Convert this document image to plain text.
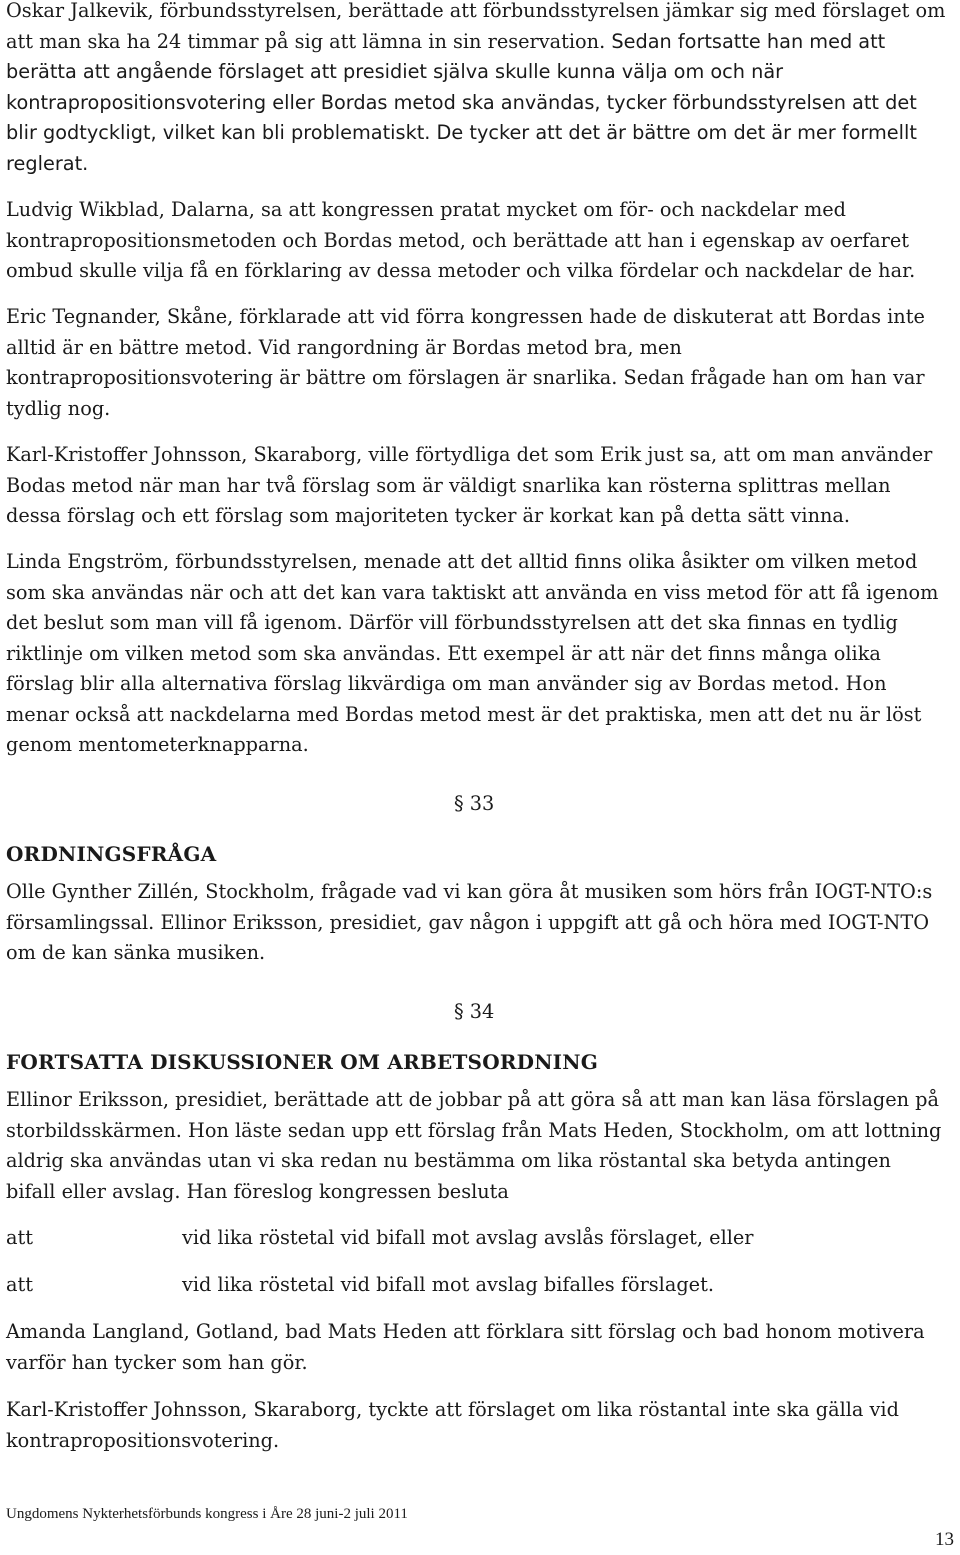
Oskar Jalkevik, förbundsstyrelsen, berättade att förbundsstyrelsen jämkar sig med förslaget om att man ska ha 24 timmar på sig att lämna in sin reservation. Sedan fortsatte han med att berätta att angående förslaget att presidiet själva skulle kunna välja om och när kontrapropositionsvotering eller Bordas metod ska användas, tycker förbundsstyrelsen att det blir godtyckligt, vilket kan bli problematiskt. De tycker att det är bättre om det är mer formellt reglerat.

Ludvig Wikblad, Dalarna, sa att kongressen pratat mycket om för- och nackdelar med kontrapropositionsmetoden och Bordas metod, och berättade att han i egenskap av oerfaret ombud skulle vilja få en förklaring av dessa metoder och vilka fördelar och nackdelar de har.

Eric Tegnander, Skåne, förklarade att vid förra kongressen hade de diskuterat att Bordas inte alltid är en bättre metod. Vid rangordning är Bordas metod bra, men kontrapropositionsvotering är bättre om förslagen är snarlika. Sedan frågade han om han var tydlig nog.

Karl-Kristoffer Johnsson, Skaraborg, ville förtydliga det som Erik just sa, att om man använder Bodas metod när man har två förslag som är väldigt snarlika kan rösterna splittras mellan dessa förslag och ett förslag som majoriteten tycker är korkat kan på detta sätt vinna.

Linda Engström, förbundsstyrelsen, menade att det alltid finns olika åsikter om vilken metod som ska användas när och att det kan vara taktiskt att använda en viss metod för att få igenom det beslut som man vill få igenom. Därför vill förbundsstyrelsen att det ska finnas en tydlig riktlinje om vilken metod som ska användas. Ett exempel är att när det finns många olika förslag blir alla alternativa förslag likvärdiga om man använder sig av Bordas metod. Hon menar också att nackdelarna med Bordas metod mest är det praktiska, men att det nu är löst genom mentometerknapparna.

§ 33
ORDNINGSFRÅGA

Olle Gynther Zillén, Stockholm, frågade vad vi kan göra åt musiken som hörs från IOGT-NTO:s församlingssal. Ellinor Eriksson, presidiet, gav någon i uppgift att gå och höra med IOGT-NTO om de kan sänka musiken.

§ 34
FORTSATTA DISKUSSIONER OM ARBETSORDNING

Ellinor Eriksson, presidiet, berättade att de jobbar på att göra så att man kan läsa förslagen på storbildsskärmen. Hon läste sedan upp ett förslag från Mats Heden, Stockholm, om att lottning aldrig ska användas utan vi ska redan nu bestämma om lika röstantal ska betyda antingen bifall eller avslag. Han föreslog kongressen besluta

att	vid lika röstetal vid bifall mot avslag avslås förslaget, eller
att	vid lika röstetal vid bifall mot avslag bifalles förslaget.

Amanda Langland, Gotland, bad Mats Heden att förklara sitt förslag och bad honom motivera varför han tycker som han gör.

Karl-Kristoffer Johnsson, Skaraborg, tyckte att förslaget om lika röstantal inte ska gälla vid kontrapropositionsvotering.

Ungdomens Nykterhetsförbunds kongress i Åre 28 juni-2 juli 2011
13
